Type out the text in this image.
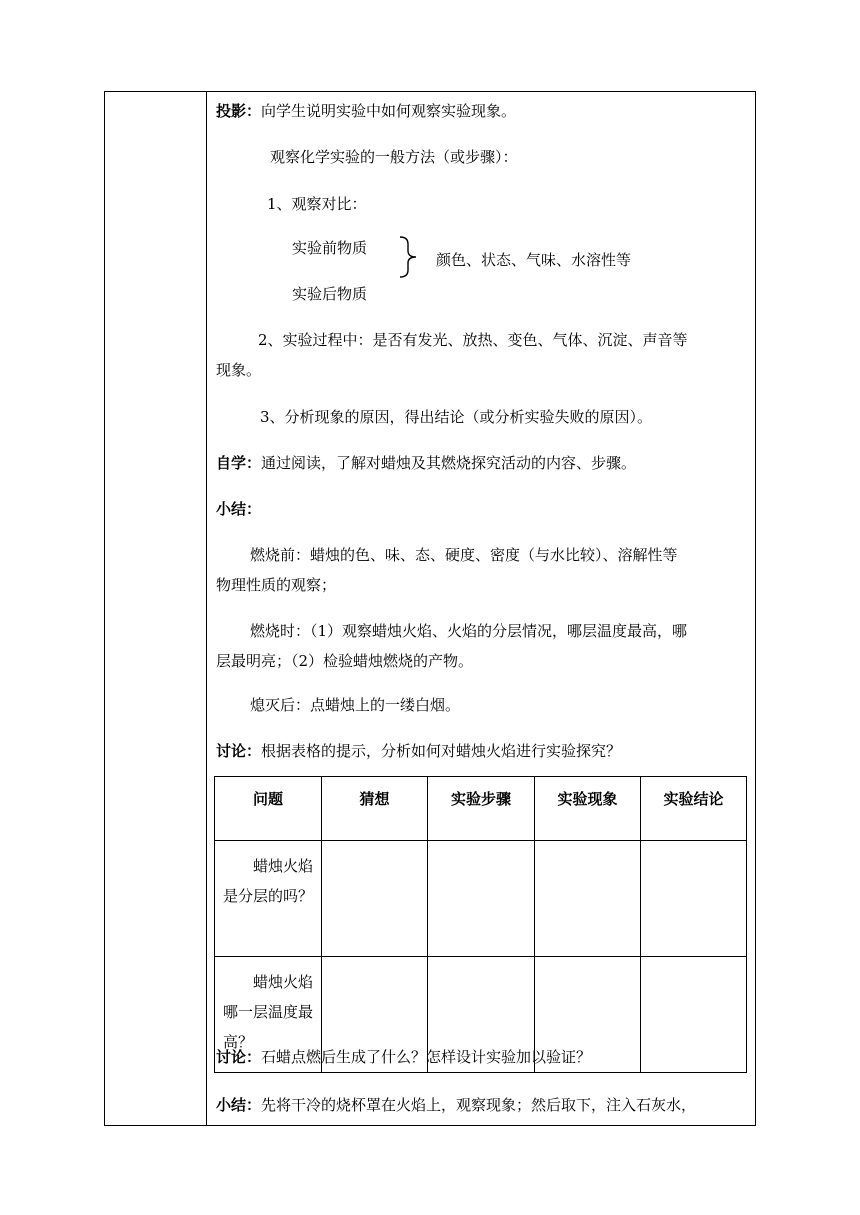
投影：向学生说明实验中如何观察实验现象。
观察化学实验的一般方法（或步骤）：
1、观察对比：
实验前物质
颜色、状态、气味、水溶性等
实验后物质
2、实验过程中：是否有发光、放热、变色、气体、沉淀、声音等
现象。
3、分析现象的原因，得出结论（或分析实验失败的原因）。
自学：通过阅读，了解对蜡烛及其燃烧探究活动的内容、步骤。
小结：
燃烧前：蜡烛的色、味、态、硬度、密度（与水比较）、溶解性等
物理性质的观察；
燃烧时：（1）观察蜡烛火焰、火焰的分层情况，哪层温度最高，哪
层最明亮；（2）检验蜡烛燃烧的产物。
熄灭后：点蜡烛上的一缕白烟。
讨论：根据表格的提示，分析如何对蜡烛火焰进行实验探究？
问题	猜想	实验步骤	实验现象	实验结论
蜡烛火焰是分层的吗？				
蜡烛火焰哪一层温度最高？				
讨论：石蜡点燃后生成了什么？怎样设计实验加以验证？
小结：先将干冷的烧杯罩在火焰上，观察现象；然后取下，注入石灰水，
